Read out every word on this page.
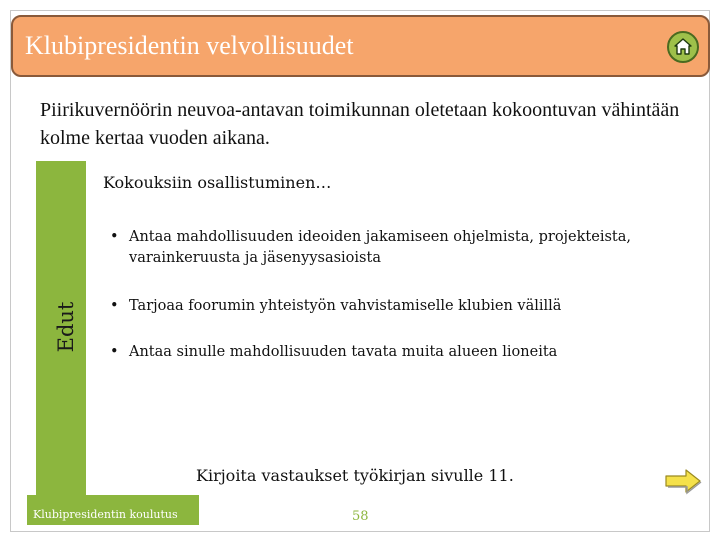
Klubipresidentin velvollisuudet
Piirikuvernöörin neuvoa-antavan toimikunnan oletetaan kokoontuvan vähintään kolme kertaa vuoden aikana.
Edut
Kokouksiin osallistuminen…
• Antaa mahdollisuuden ideoiden jakamiseen ohjelmista, projekteista, varainkeruusta ja jäsenyysasioista
• Tarjoaa foorumin yhteistyön vahvistamiselle klubien välillä
• Antaa sinulle mahdollisuuden tavata muita alueen lioneita
Kirjoita vastaukset työkirjan sivulle 11.
Klubipresidentin koulutus	58
